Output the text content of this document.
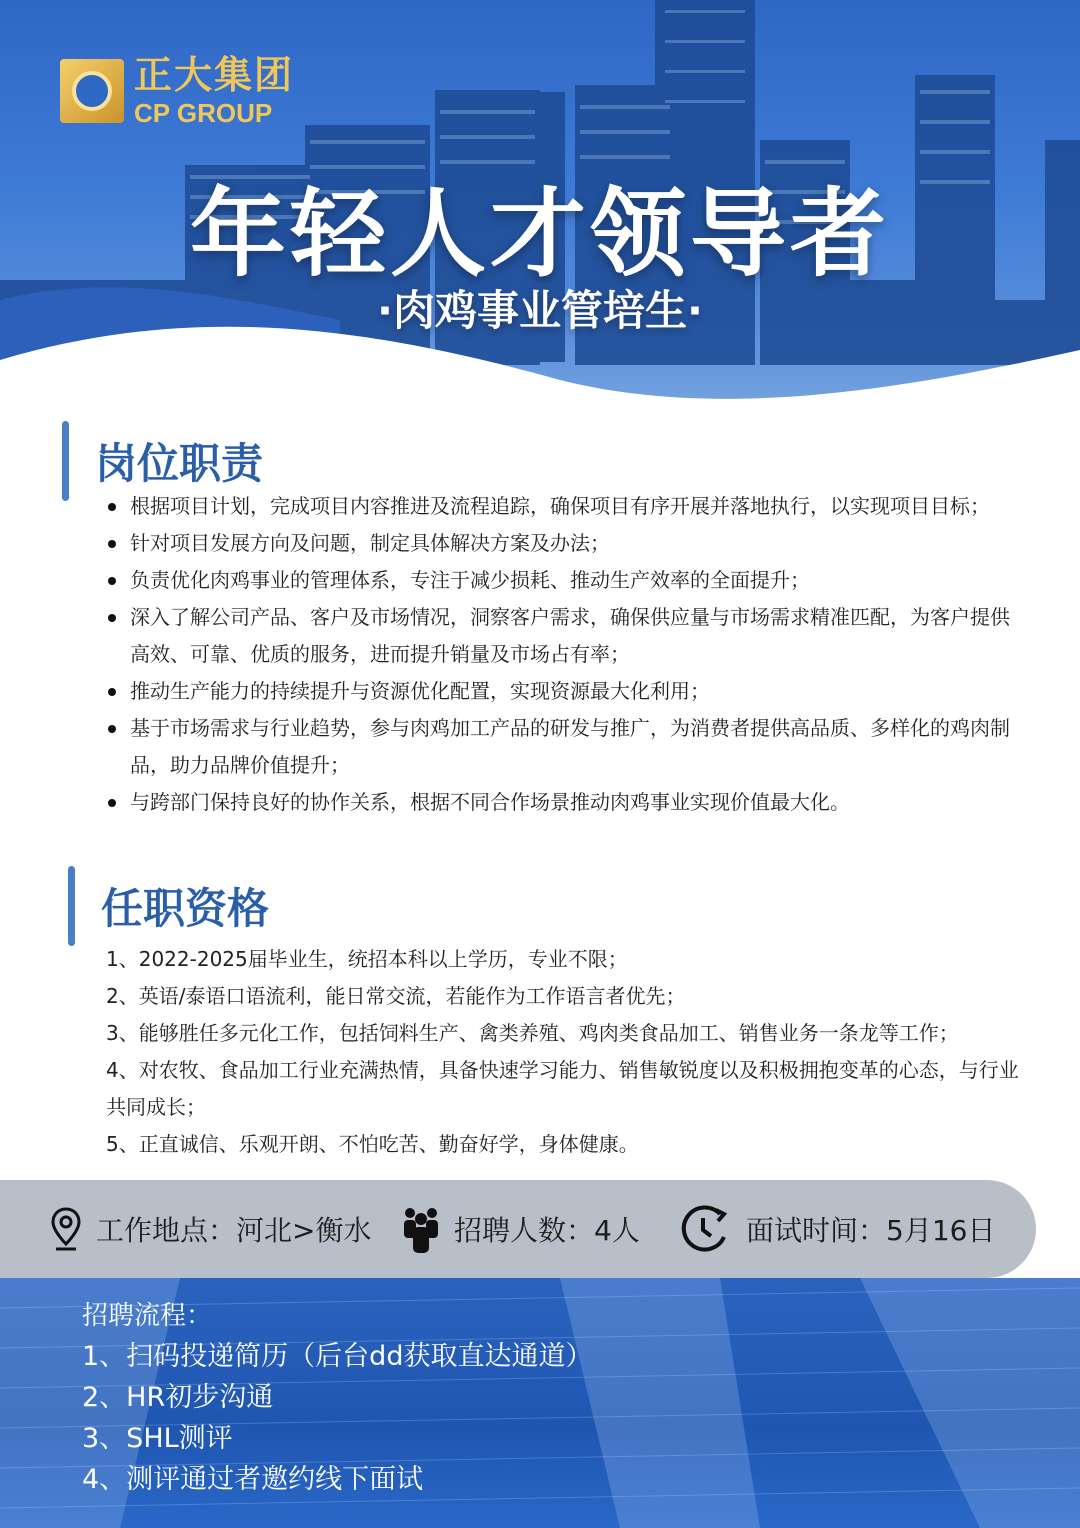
正大集团
CP GROUP
年轻人才领导者
·肉鸡事业管培生·
岗位职责
根据项目计划，完成项目内容推进及流程追踪，确保项目有序开展并落地执行，以实现项目目标；
针对项目发展方向及问题，制定具体解决方案及办法；
负责优化肉鸡事业的管理体系，专注于减少损耗、推动生产效率的全面提升；
深入了解公司产品、客户及市场情况，洞察客户需求，确保供应量与市场需求精准匹配，为客户提供高效、可靠、优质的服务，进而提升销量及市场占有率；
推动生产能力的持续提升与资源优化配置，实现资源最大化利用；
基于市场需求与行业趋势，参与肉鸡加工产品的研发与推广，为消费者提供高品质、多样化的鸡肉制品，助力品牌价值提升；
与跨部门保持良好的协作关系，根据不同合作场景推动肉鸡事业实现价值最大化。
任职资格
1、2022-2025届毕业生，统招本科以上学历，专业不限；
2、英语/泰语口语流利，能日常交流，若能作为工作语言者优先；
3、能够胜任多元化工作，包括饲料生产、禽类养殖、鸡肉类食品加工、销售业务一条龙等工作；
4、对农牧、食品加工行业充满热情，具备快速学习能力、销售敏锐度以及积极拥抱变革的心态，与行业共同成长；
5、正直诚信、乐观开朗、不怕吃苦、勤奋好学，身体健康。
工作地点：河北>衡水	招聘人数：4人	面试时间：5月16日
招聘流程：
1、扫码投递简历（后台dd获取直达通道）
2、HR初步沟通
3、SHL测评
4、测评通过者邀约线下面试
